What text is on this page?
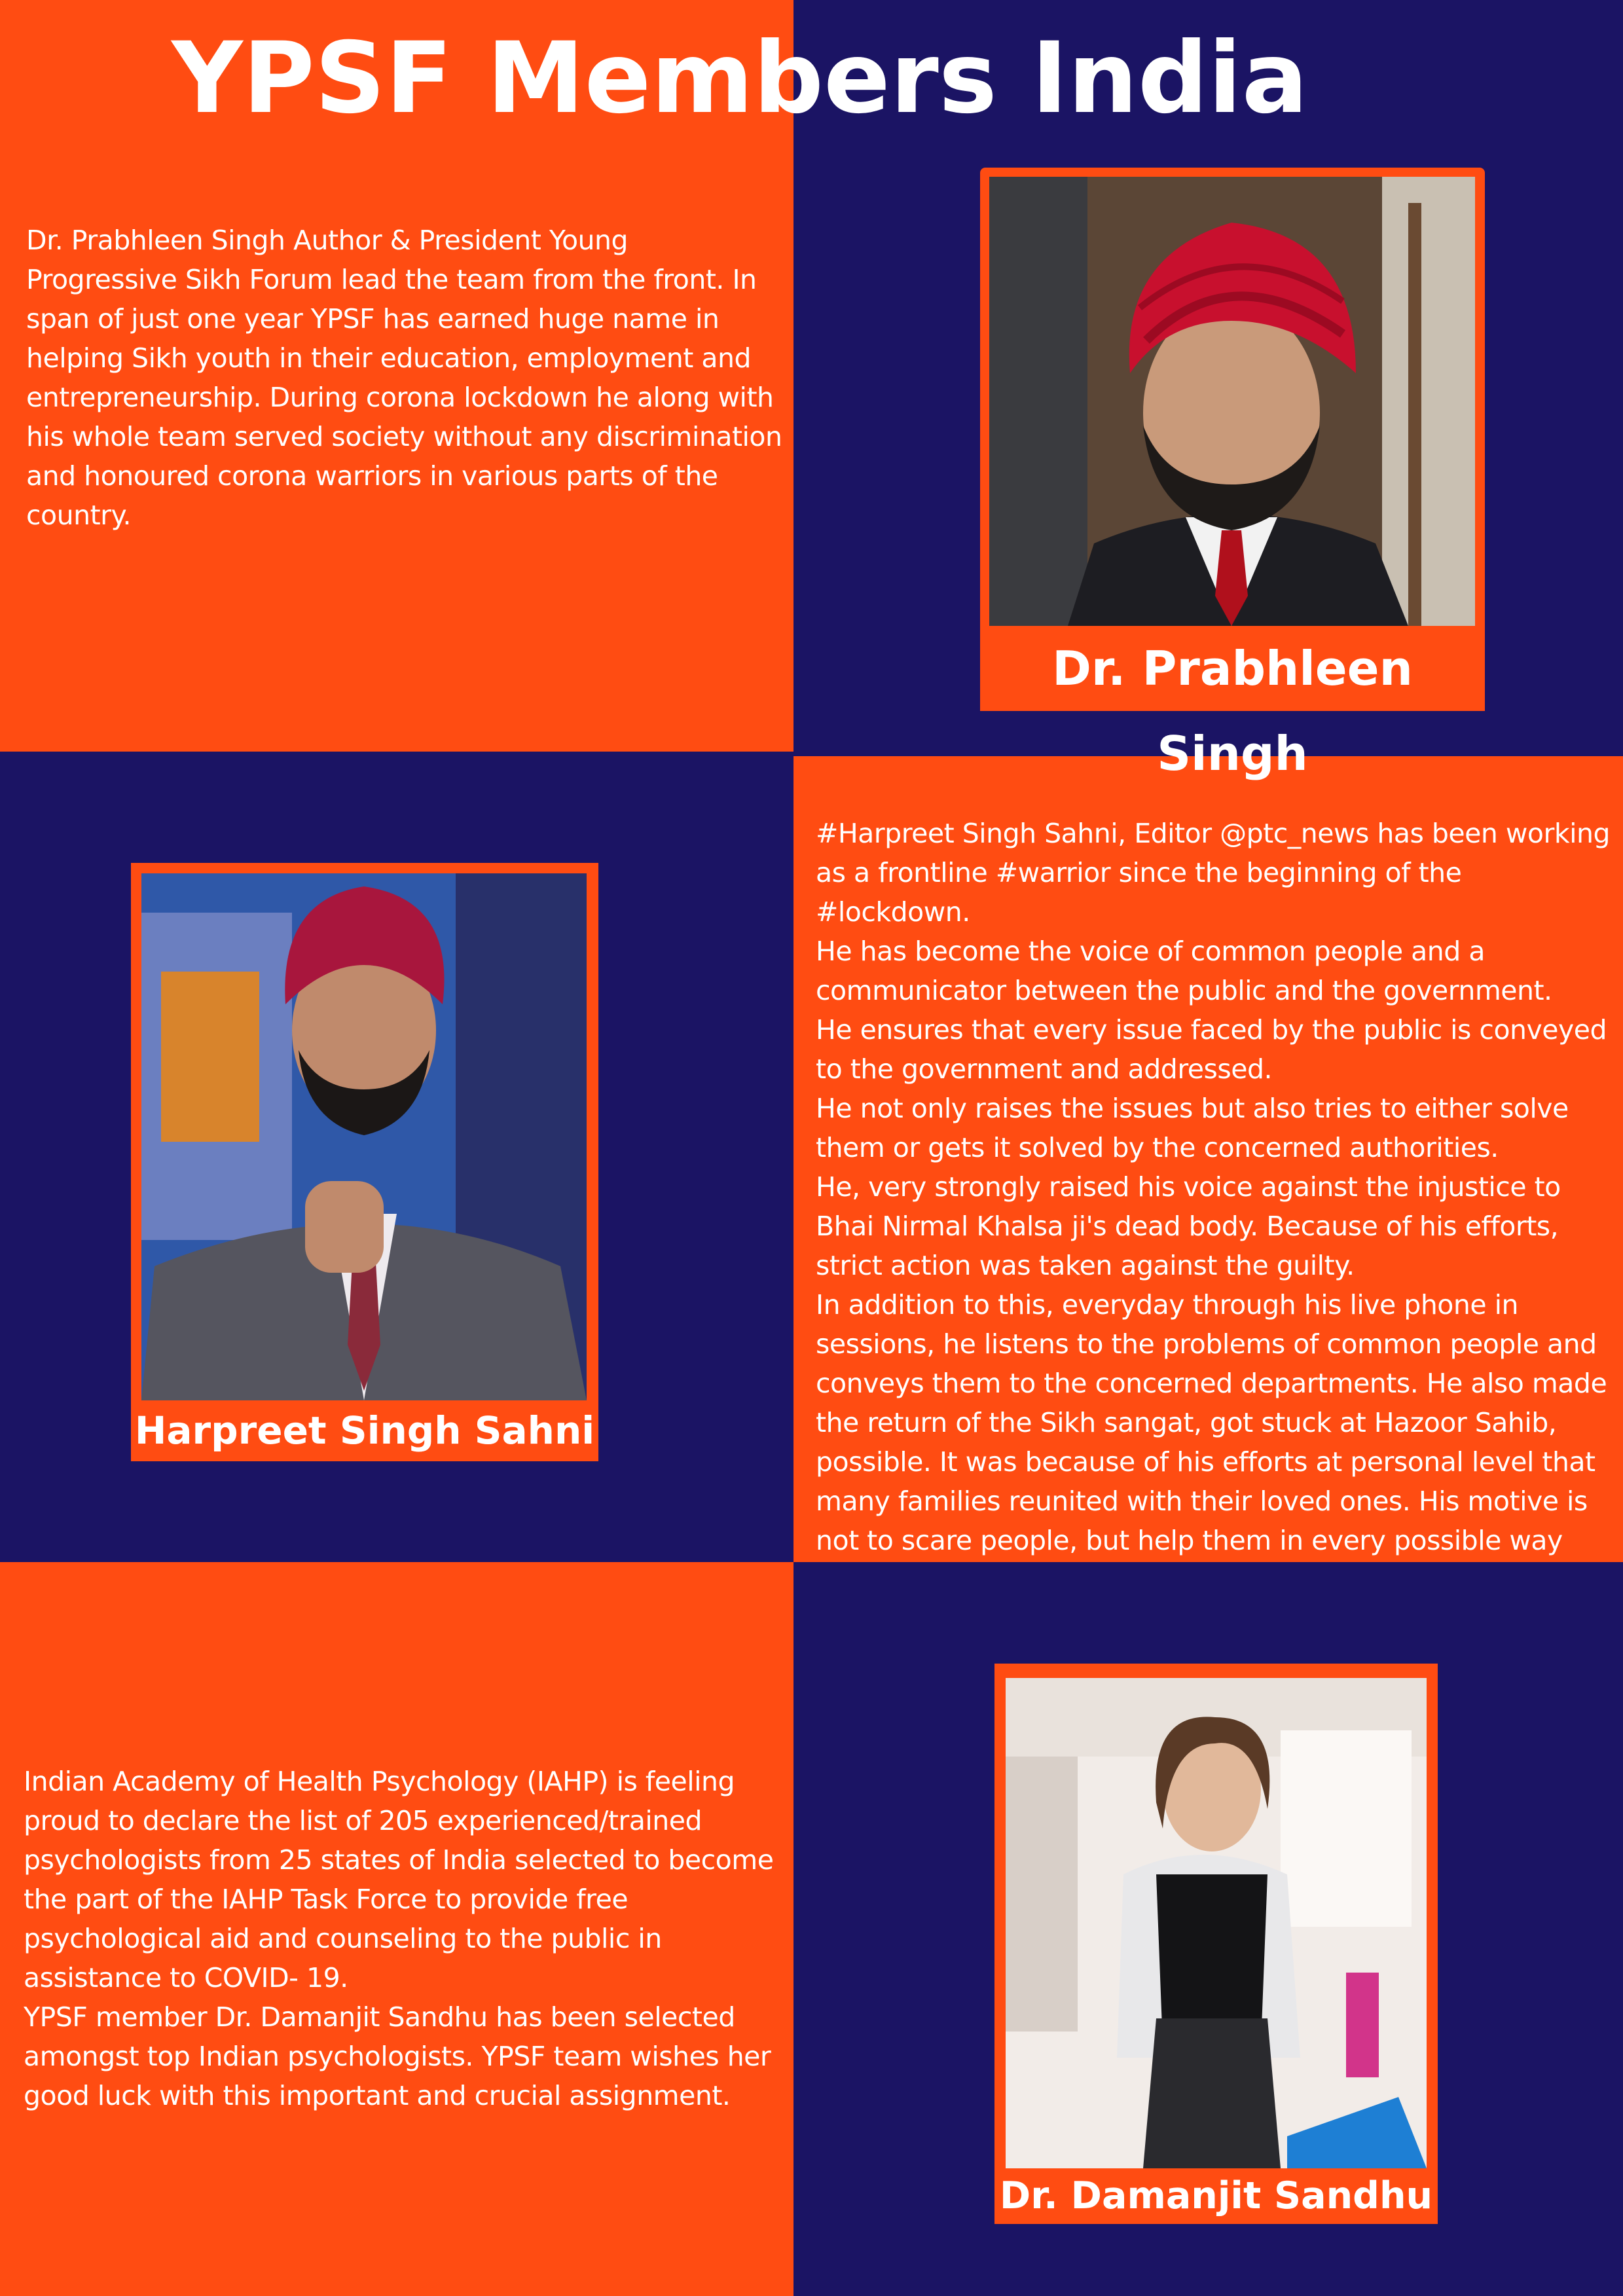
YPSF Members India

Dr. Prabhleen Singh Author & President Young Progressive Sikh Forum lead the team from the front. In span of just one year YPSF has earned huge name in helping Sikh youth in their education, employment and entrepreneurship. During corona lockdown he along with his whole team served society without any discrimination and honoured corona warriors in various parts of the country.

Dr. Prabhleen Singh
Harpreet Singh Sahni

#Harpreet Singh Sahni, Editor @ptc_news has been working as a frontline #warrior since the beginning of the #lockdown.
He has become the voice of common people and a communicator between the public and the government.
He ensures that every issue faced by the public is conveyed to the government and addressed.
He not only raises the issues but also tries to either solve them or gets it solved by the concerned authorities.
He, very strongly raised his voice against the injustice to Bhai Nirmal Khalsa ji's dead body. Because of his efforts, strict action was taken against the guilty.
In addition to this, everyday through his live phone in sessions, he listens to the problems of common people and conveys them to the concerned departments. He also made the return of the Sikh sangat, got stuck at Hazoor Sahib, possible. It was because of his efforts at personal level that many families reunited with their loved ones. His motive is not to scare people, but help them in every possible way

Indian Academy of Health Psychology (IAHP) is feeling proud to declare the list of 205 experienced/trained psychologists from 25 states of India selected to become the part of the IAHP Task Force to provide free psychological aid and counseling to the public in assistance to COVID- 19.
YPSF member Dr. Damanjit Sandhu has been selected amongst top Indian psychologists. YPSF team wishes her good luck with this important and crucial assignment.

Dr. Damanjit Sandhu
